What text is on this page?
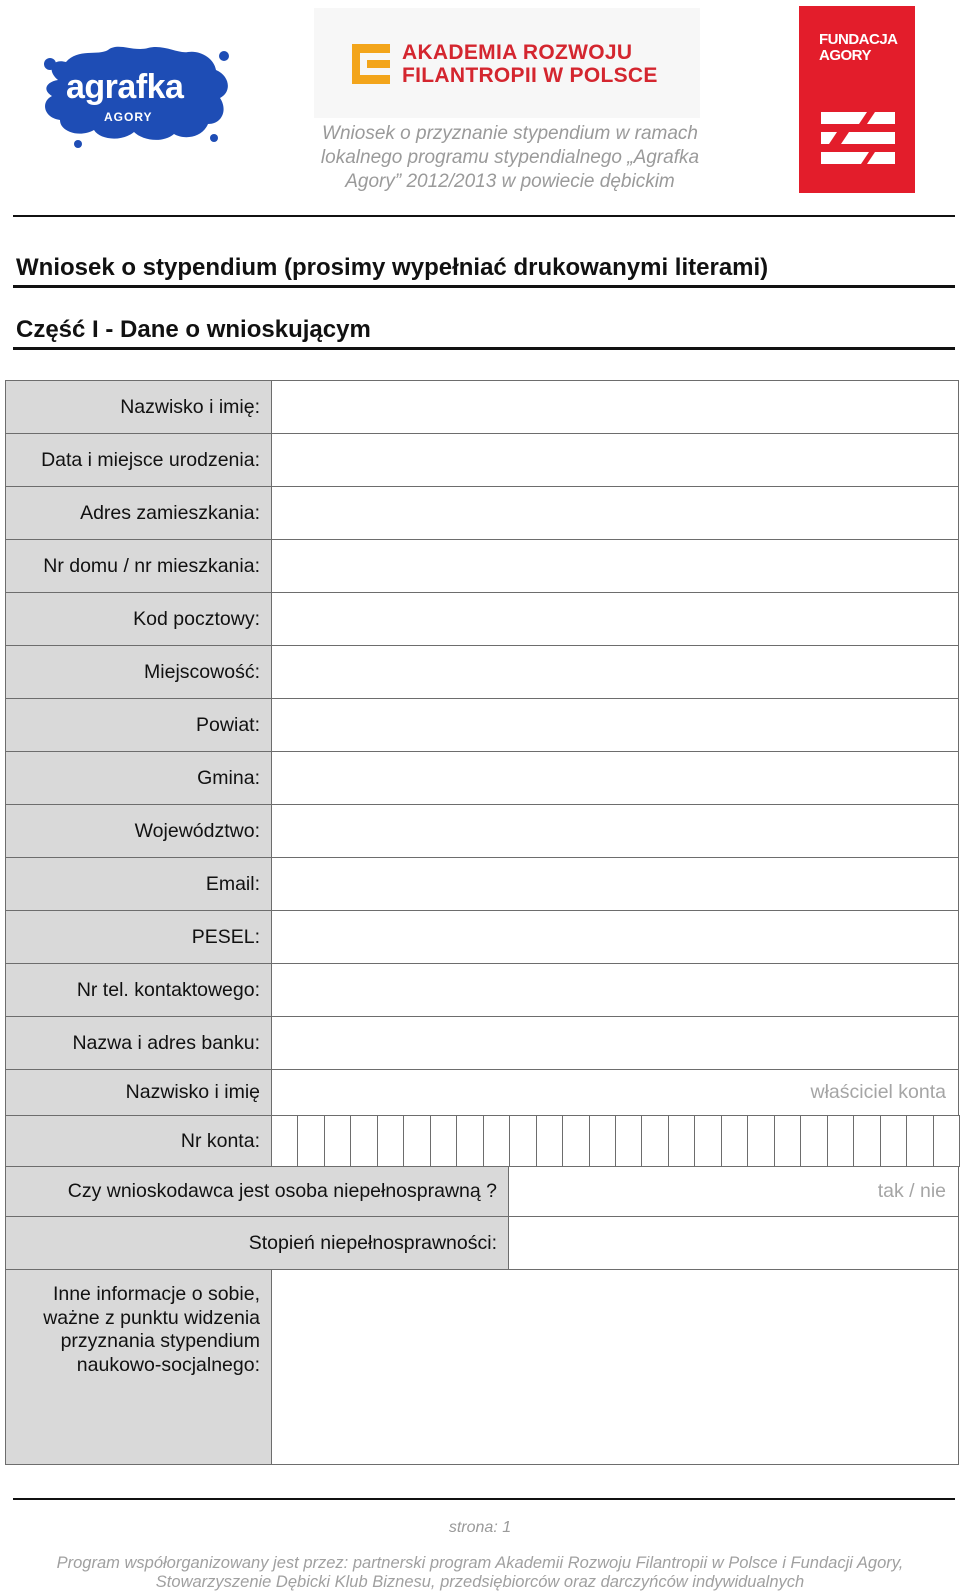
agrafka
AGORY
AKADEMIA ROZWOJU
FILANTROPII W POLSCE
FUNDACJA
AGORY
Wniosek o przyznanie stypendium w ramach
lokalnego programu stypendialnego „Agrafka
Agory” 2012/2013 w powiecie dębickim
Wniosek o stypendium (prosimy wypełniać drukowanymi literami)
Część I - Dane o wnioskującym
Nazwisko i imię:
Data i miejsce urodzenia:
Adres zamieszkania:
Nr domu / nr mieszkania:
Kod pocztowy:
Miejscowość:
Powiat:
Gmina:
Województwo:
Email:
PESEL:
Nr tel. kontaktowego:
Nazwa i adres banku:
Nazwisko i imię	właściciel konta
Nr konta:
Czy wnioskodawca jest osoba niepełnosprawną ?	tak / nie
Stopień niepełnosprawności:
Inne informacje o sobie,
ważne z punktu widzenia
przyznania stypendium
naukowo-socjalnego:
strona: 1
Program współorganizowany jest przez: partnerski program Akademii Rozwoju Filantropii w Polsce i Fundacji Agory,
Stowarzyszenie Dębicki Klub Biznesu, przedsiębiorców oraz darczyńców indywidualnych
